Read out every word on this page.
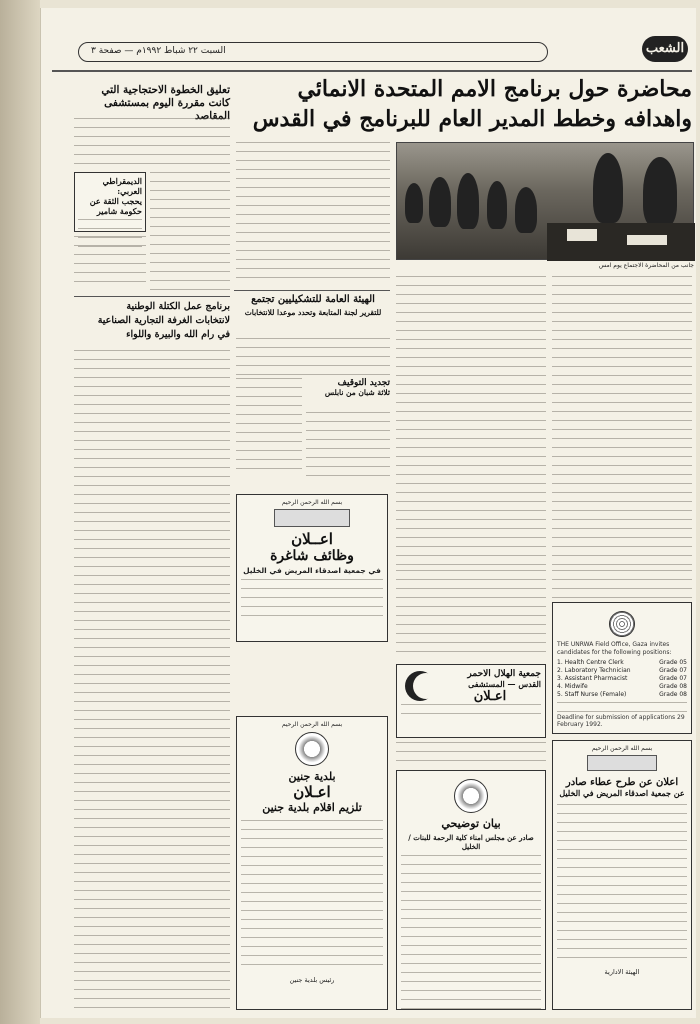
السبت ٢٢ شباط ١٩٩٢م — صفحة ٣	الشعب
محاضرة حول برنامج الامم المتحدة الانمائي
واهدافه وخطط المدير العام للبرنامج في القدس
جانب من المحاضرة الاجتماع يوم امس
تعليق الخطوة الاحتجاجية التي
كانت مقررة اليوم بمستشفى المقاصد
الديمقراطي العربي:
يحجب الثقة عن حكومة شامير
برنامج عمل الكتلة الوطنية
لانتخابات الغرفة التجارية الصناعية
في رام الله والبيرة واللواء
الهيئة العامة للتشكيليين تجتمع
للتقرير لجنة المتابعة وتحدد موعدا للانتخابات
تجديد التوقيف
ثلاثة شبان من نابلس
بسم الله الرحمن الرحيم
اعــلان
وظائف شاغرة
في جمعية اصدقاء المريض في الخليل
بسم الله الرحمن الرحيم
بلدية جنين
اعـلان
تلزيم اقلام بلدية جنين
رئيس بلدية جنين
جمعية الهلال الاحمر
القدس — المستشفى
اعـلان
بيان توضيحي
صادر عن مجلس امناء كلية الرحمة للبنات / الخليل
THE UNRWA Field Office, Gaza invites candidates for the following positions:
1. Health Centre Clerk	Grade 05
2. Laboratory Technician	Grade 07
3. Assistant Pharmacist	Grade 07
4. Midwife	Grade 08
5. Staff Nurse (Female)	Grade 08
Deadline for submission of applications 29 February 1992.
بسم الله الرحمن الرحيم
اعلان عن طرح عطاء صادر
عن جمعية اصدقاء المريض في الخليل
الهيئة الادارية
